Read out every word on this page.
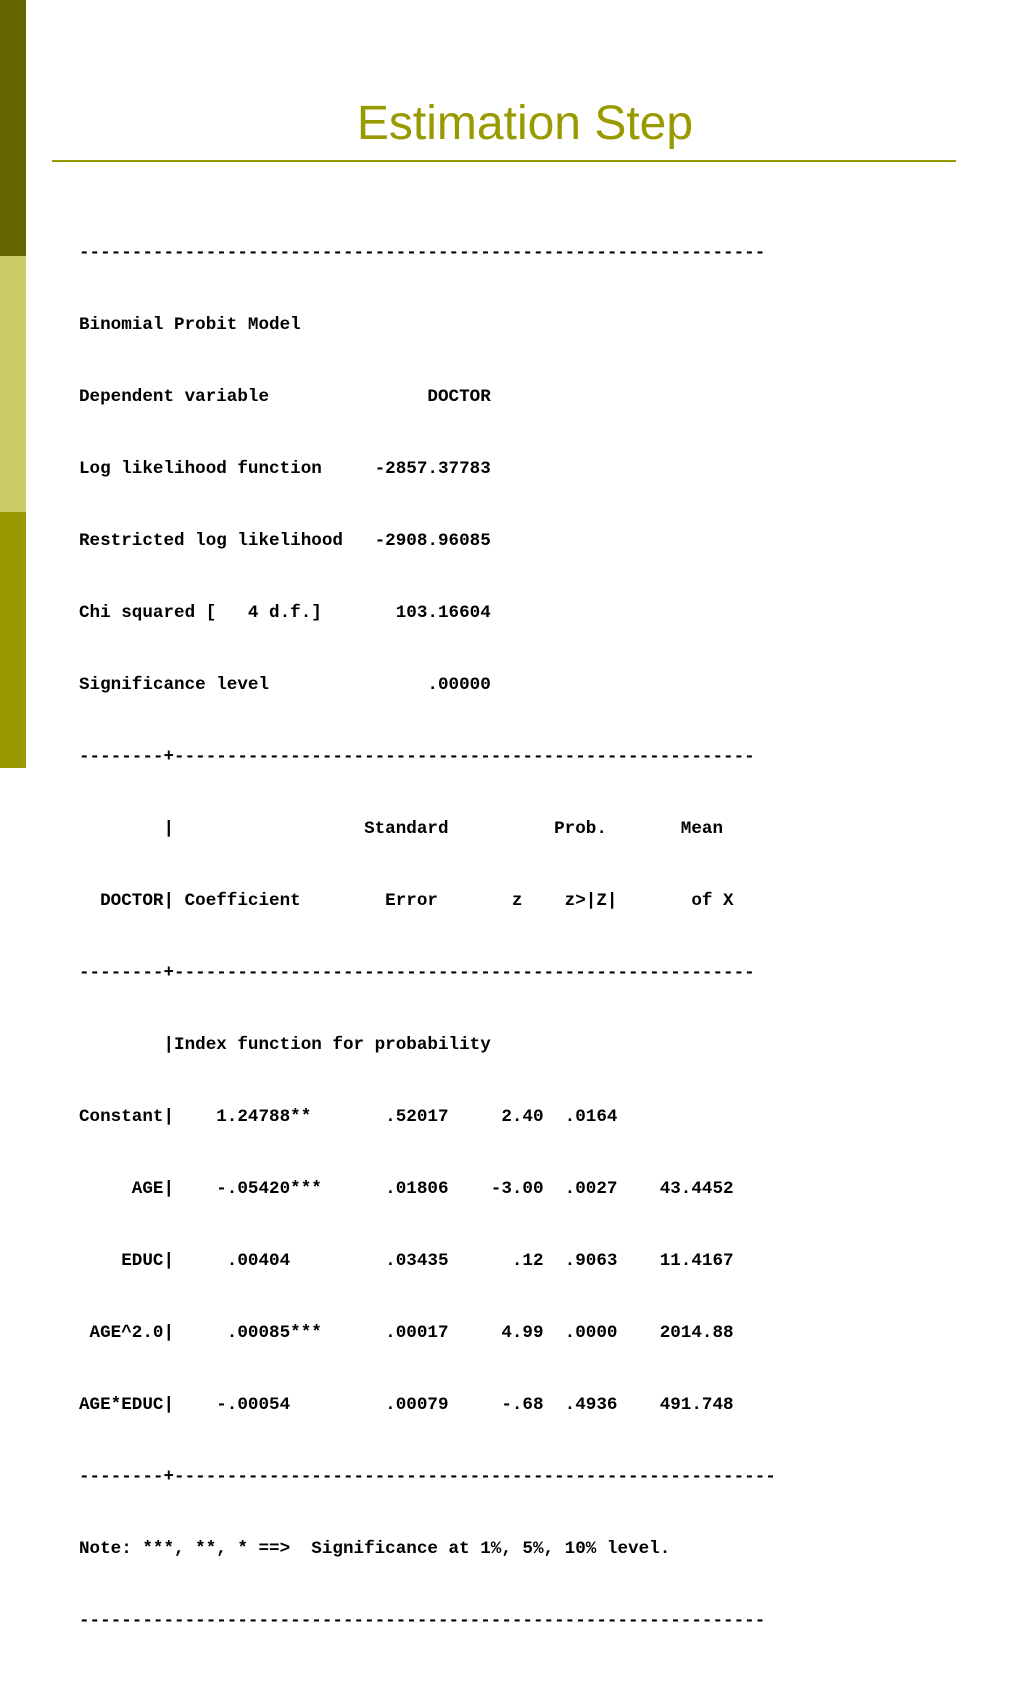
Estimation Step

-----------------------------------------------------------------

Binomial Probit Model

Dependent variable               DOCTOR

Log likelihood function     -2857.37783

Restricted log likelihood   -2908.96085

Chi squared [   4 d.f.]       103.16604

Significance level               .00000

--------+-------------------------------------------------------

|                  Standard          Prob.       Mean

DOCTOR| Coefficient        Error       z    z>|Z|       of X

--------+-------------------------------------------------------

|Index function for probability

Constant|    1.24788**       .52017     2.40  .0164

AGE|    -.05420***      .01806    -3.00  .0027    43.4452

EDUC|     .00404         .03435      .12  .9063    11.4167

AGE^2.0|     .00085***      .00017     4.99  .0000    2014.88

AGE*EDUC|    -.00054         .00079     -.68  .4936    491.748

--------+---------------------------------------------------------

Note: ***, **, * ==>  Significance at 1%, 5%, 10% level.

-----------------------------------------------------------------
